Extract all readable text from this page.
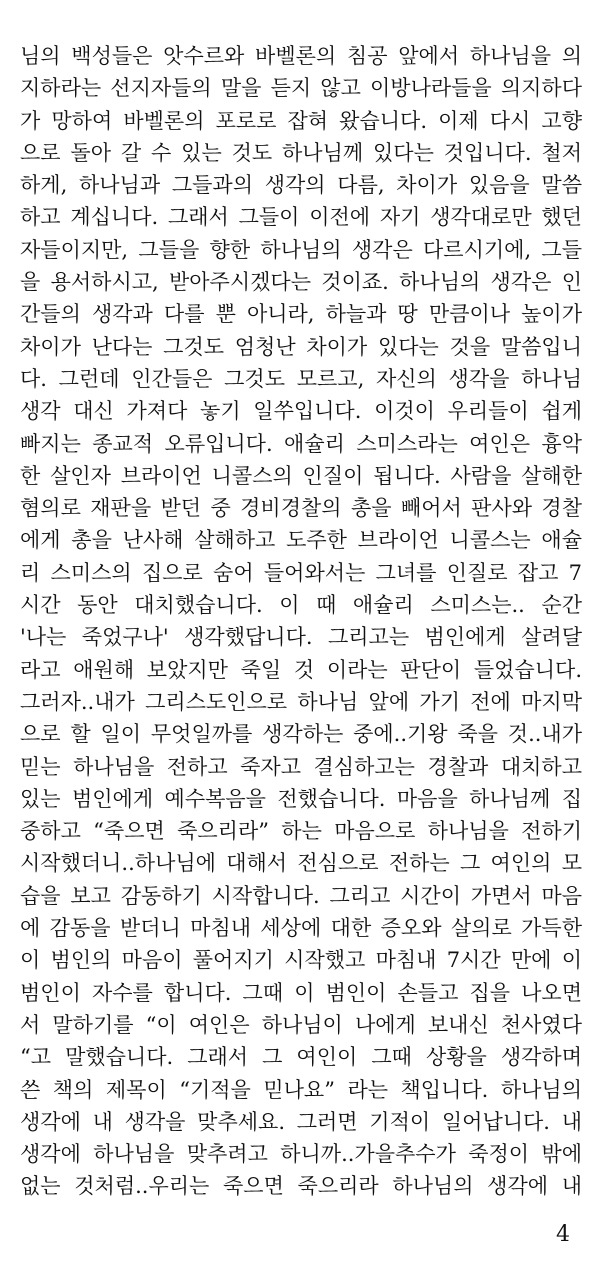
님의 백성들은 앗수르와 바벨론의 침공 앞에서 하나님을 의
지하라는 선지자들의 말을 듣지 않고 이방나라들을 의지하다
가 망하여 바벨론의 포로로 잡혀 왔습니다. 이제 다시 고향
으로 돌아 갈 수 있는 것도 하나님께 있다는 것입니다. 철저
하게, 하나님과 그들과의 생각의 다름, 차이가 있음을 말씀
하고 계십니다. 그래서 그들이 이전에 자기 생각대로만 했던
자들이지만, 그들을 향한 하나님의 생각은 다르시기에, 그들
을 용서하시고, 받아주시겠다는 것이죠. 하나님의 생각은 인
간들의 생각과 다를 뿐 아니라, 하늘과 땅 만큼이나 높이가
차이가 난다는 그것도 엄청난 차이가 있다는 것을 말씀입니
다. 그런데 인간들은 그것도 모르고, 자신의 생각을 하나님
생각 대신 가져다 놓기 일쑤입니다. 이것이 우리들이 쉽게
빠지는 종교적 오류입니다. 애슐리 스미스라는 여인은 흉악
한 살인자 브라이언 니콜스의 인질이 됩니다. 사람을 살해한
혐의로 재판을 받던 중 경비경찰의 총을 빼어서 판사와 경찰
에게 총을 난사해 살해하고 도주한 브라이언 니콜스는 애슐
리 스미스의 집으로 숨어 들어와서는 그녀를 인질로 잡고 7
시간 동안 대치했습니다. 이 때 애슐리 스미스는.. 순간
'나는 죽었구나' 생각했답니다. 그리고는 범인에게 살려달
라고 애원해 보았지만 죽일 것 이라는 판단이 들었습니다.
그러자..내가 그리스도인으로 하나님 앞에 가기 전에 마지막
으로 할 일이 무엇일까를 생각하는 중에..기왕 죽을 것..내가
믿는 하나님을 전하고 죽자고 결심하고는 경찰과 대치하고
있는 범인에게 예수복음을 전했습니다. 마음을 하나님께 집
중하고 “죽으면 죽으리라” 하는 마음으로 하나님을 전하기
시작했더니..하나님에 대해서 전심으로 전하는 그 여인의 모
습을 보고 감동하기 시작합니다. 그리고 시간이 가면서 마음
에 감동을 받더니 마침내 세상에 대한 증오와 살의로 가득한
이 범인의 마음이 풀어지기 시작했고 마침내 7시간 만에 이
범인이 자수를 합니다. 그때 이 범인이 손들고 집을 나오면
서 말하기를 “이 여인은 하나님이 나에게 보내신 천사였다
“고 말했습니다. 그래서 그 여인이 그때 상황을 생각하며
쓴 책의 제목이 “기적을 믿나요” 라는 책입니다. 하나님의
생각에 내 생각을 맞추세요. 그러면 기적이 일어납니다. 내
생각에 하나님을 맞추려고 하니까..가을추수가 죽정이 밖에
없는 것처럼..우리는 죽으면 죽으리라 하나님의 생각에 내
4
